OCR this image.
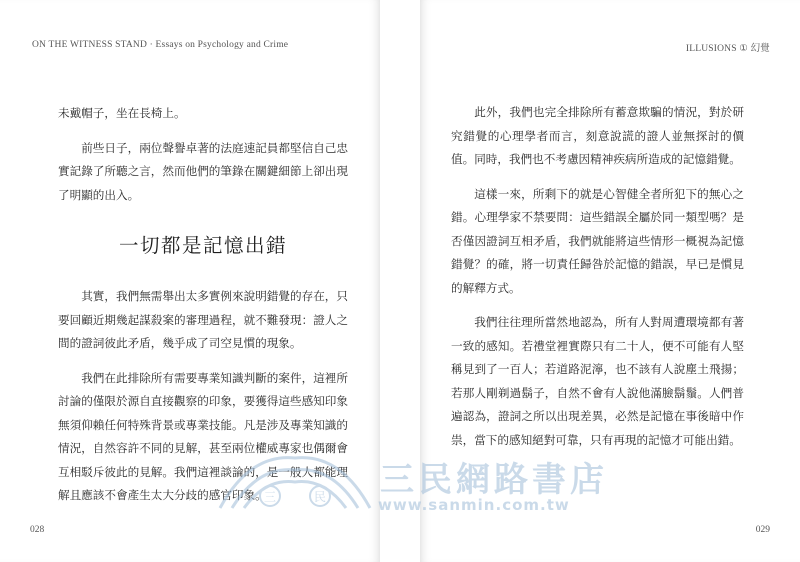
ON THE WITNESS STAND · Essays on Psychology and Crime

未戴帽子，坐在長椅上。

前些日子，兩位聲譽卓著的法庭速記員都堅信自己忠實記錄了所聽之言，然而他們的筆錄在關鍵細節上卻出現了明顯的出入。

一切都是記憶出錯

其實，我們無需舉出太多實例來說明錯覺的存在，只要回顧近期幾起謀殺案的審理過程，就不難發現：證人之間的證詞彼此矛盾，幾乎成了司空見慣的現象。

我們在此排除所有需要專業知識判斷的案件，這裡所討論的僅限於源自直接觀察的印象，要獲得這些感知印象無須仰賴任何特殊背景或專業技能。凡是涉及專業知識的情況，自然容許不同的見解，甚至兩位權威專家也偶爾會互相駁斥彼此的見解。我們這裡談論的，是一般人都能理解且應該不會產生太大分歧的感官印象。

028
ILLUSIONS ① 幻覺

此外，我們也完全排除所有蓄意欺騙的情況，對於研究錯覺的心理學者而言，刻意說謊的證人並無探討的價值。同時，我們也不考慮因精神疾病所造成的記憶錯覺。

這樣一來，所剩下的就是心智健全者所犯下的無心之錯。心理學家不禁要問：這些錯誤全屬於同一類型嗎？是否僅因證詞互相矛盾，我們就能將這些情形一概視為記憶錯覺？的確，將一切責任歸咎於記憶的錯誤，早已是慣見的解釋方式。

我們往往理所當然地認為，所有人對周遭環境都有著一致的感知。若禮堂裡實際只有二十人，便不可能有人堅稱見到了一百人；若道路泥濘，也不該有人說塵土飛揚；若那人剛剃過鬍子，自然不會有人說他滿臉鬍鬚。人們普遍認為，證詞之所以出現差異，必然是記憶在事後暗中作祟，當下的感知絕對可靠，只有再現的記憶才可能出錯。

029
三	民 三民網路書店
www.sanmin.com.tw
